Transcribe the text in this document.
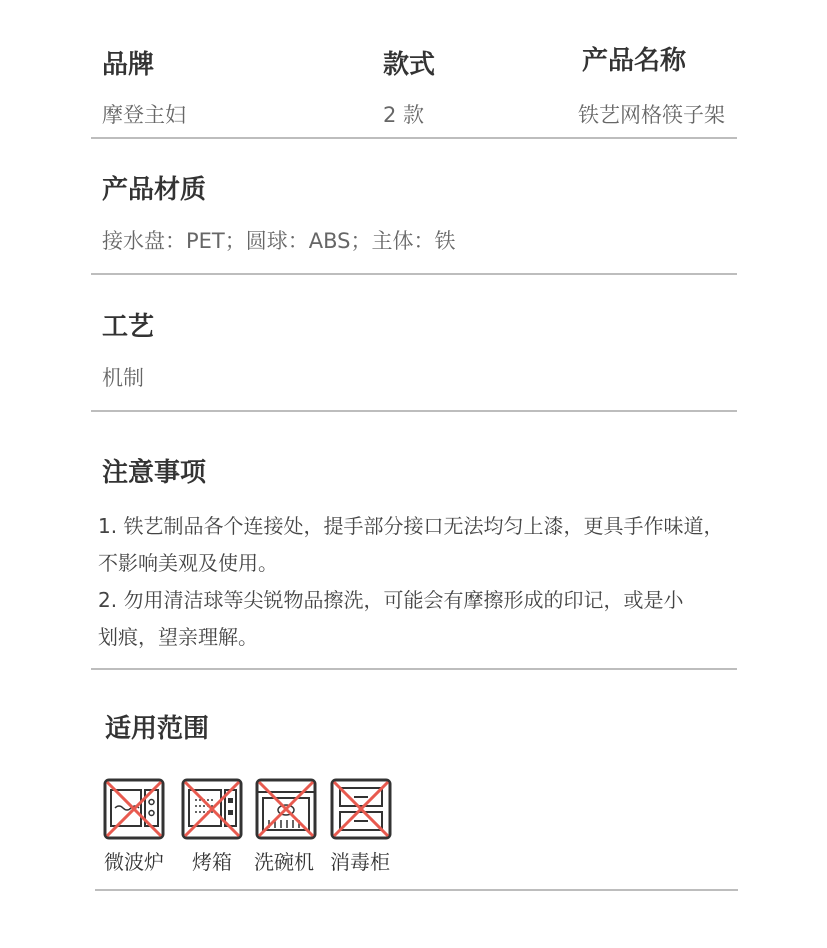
品牌
摩登主妇
款式
2 款
产品名称
铁艺网格筷子架
产品材质
接水盘：PET；圆球：ABS；主体：铁
工艺
机制
注意事项
1. 铁艺制品各个连接处，提手部分接口无法均匀上漆，更具手作味道，
不影响美观及使用。
2. 勿用清洁球等尖锐物品擦洗，可能会有摩擦形成的印记，或是小
划痕，望亲理解。
适用范围
微波炉 烤箱 洗碗机 消毒柜
